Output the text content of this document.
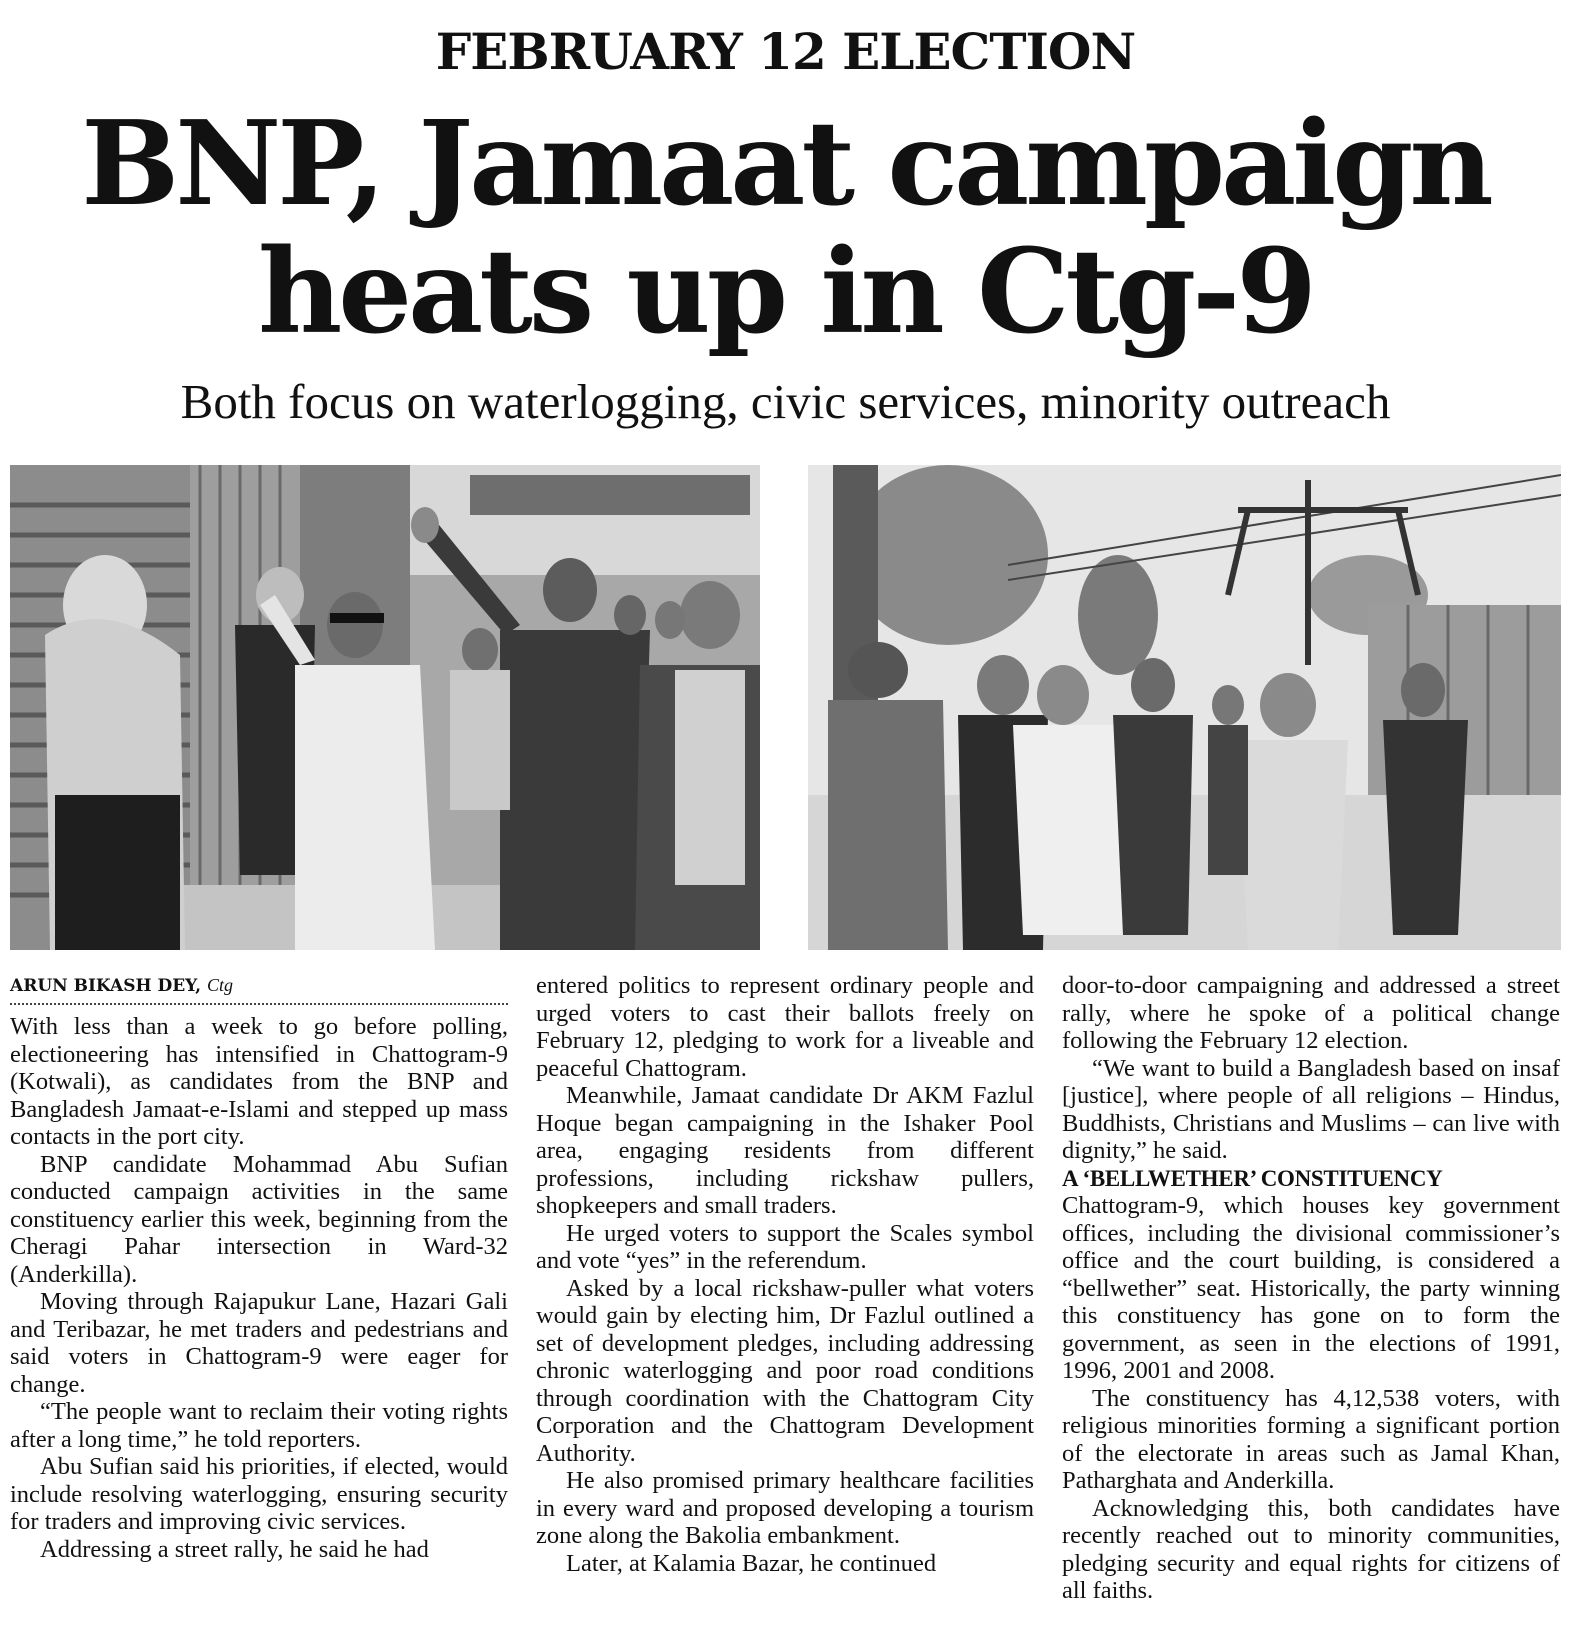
FEBRUARY 12 ELECTION
BNP, Jamaat campaign
heats up in Ctg-9
Both focus on waterlogging, civic services, minority outreach
ARUN BIKASH DEY, Ctg

With less than a week to go before polling, electioneering has intensified in Chattogram-9 (Kotwali), as candidates from the BNP and Bangladesh Jamaat-e-Islami and stepped up mass contacts in the port city.

BNP candidate Mohammad Abu Sufian conducted campaign activities in the same constituency earlier this week, beginning from the Cheragi Pahar intersection in Ward-32 (Anderkilla).

Moving through Rajapukur Lane, Hazari Gali and Teribazar, he met traders and pedestrians and said voters in Chattogram-9 were eager for change.

“The people want to reclaim their voting rights after a long time,” he told reporters.

Abu Sufian said his priorities, if elected, would include resolving waterlogging, ensuring security for traders and improving civic services.

Addressing a street rally, he said he had

entered politics to represent ordinary people and urged voters to cast their ballots freely on February 12, pledging to work for a liveable and peaceful Chattogram.

Meanwhile, Jamaat candidate Dr AKM Fazlul Hoque began campaigning in the Ishaker Pool area, engaging residents from different professions, including rickshaw pullers, shopkeepers and small traders.

He urged voters to support the Scales symbol and vote “yes” in the referendum.

Asked by a local rickshaw-puller what voters would gain by electing him, Dr Fazlul outlined a set of development pledges, including addressing chronic waterlogging and poor road conditions through coordination with the Chattogram City Corporation and the Chattogram Development Authority.

He also promised primary healthcare facilities in every ward and proposed developing a tourism zone along the Bakolia embankment.

Later, at Kalamia Bazar, he continued

door-to-door campaigning and addressed a street rally, where he spoke of a political change following the February 12 election.

“We want to build a Bangladesh based on insaf [justice], where people of all religions – Hindus, Buddhists, Christians and Muslims – can live with dignity,” he said.

A ‘BELLWETHER’ CONSTITUENCY

Chattogram-9, which houses key government offices, including the divisional commissioner’s office and the court building, is considered a “bellwether” seat. Historically, the party winning this constituency has gone on to form the government, as seen in the elections of 1991, 1996, 2001 and 2008.

The constituency has 4,12,538 voters, with religious minorities forming a significant portion of the electorate in areas such as Jamal Khan, Patharghata and Anderkilla.

Acknowledging this, both candidates have recently reached out to minority communities, pledging security and equal rights for citizens of all faiths.
